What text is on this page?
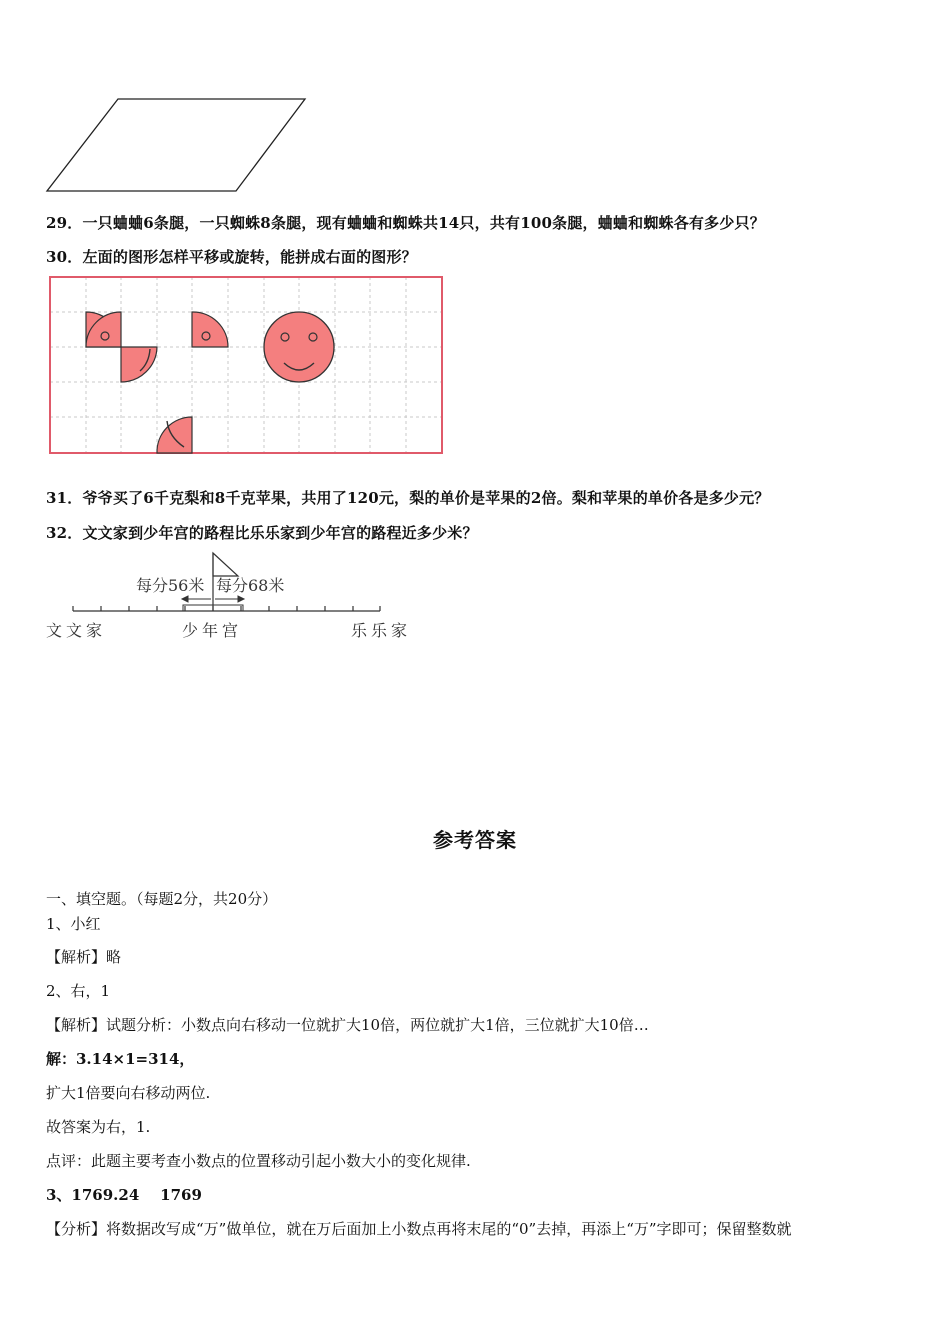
29．一只蛐蛐6条腿，一只蜘蛛8条腿，现有蛐蛐和蜘蛛共14只，共有100条腿，蛐蛐和蜘蛛各有多少只？
30．左面的图形怎样平移或旋转，能拼成右面的图形？
31．爷爷买了6千克梨和8千克苹果，共用了120元，梨的单价是苹果的2倍。梨和苹果的单价各是多少元？
32．文文家到少年宫的路程比乐乐家到少年宫的路程近多少米？
每分56米 每分68米
文文家	少年宫	乐乐家
参考答案
一、填空题。（每题2分，共20分）
1、小红
【解析】略
2、右，1
【解析】试题分析：小数点向右移动一位就扩大10倍，两位就扩大1倍，三位就扩大10倍…
解：3.14×1=314，
扩大1倍要向右移动两位.
故答案为右，1.
点评：此题主要考查小数点的位置移动引起小数大小的变化规律.
3、1769.24    1769
【分析】将数据改写成“万”做单位，就在万后面加上小数点再将末尾的“0”去掉，再添上“万”字即可；保留整数就
